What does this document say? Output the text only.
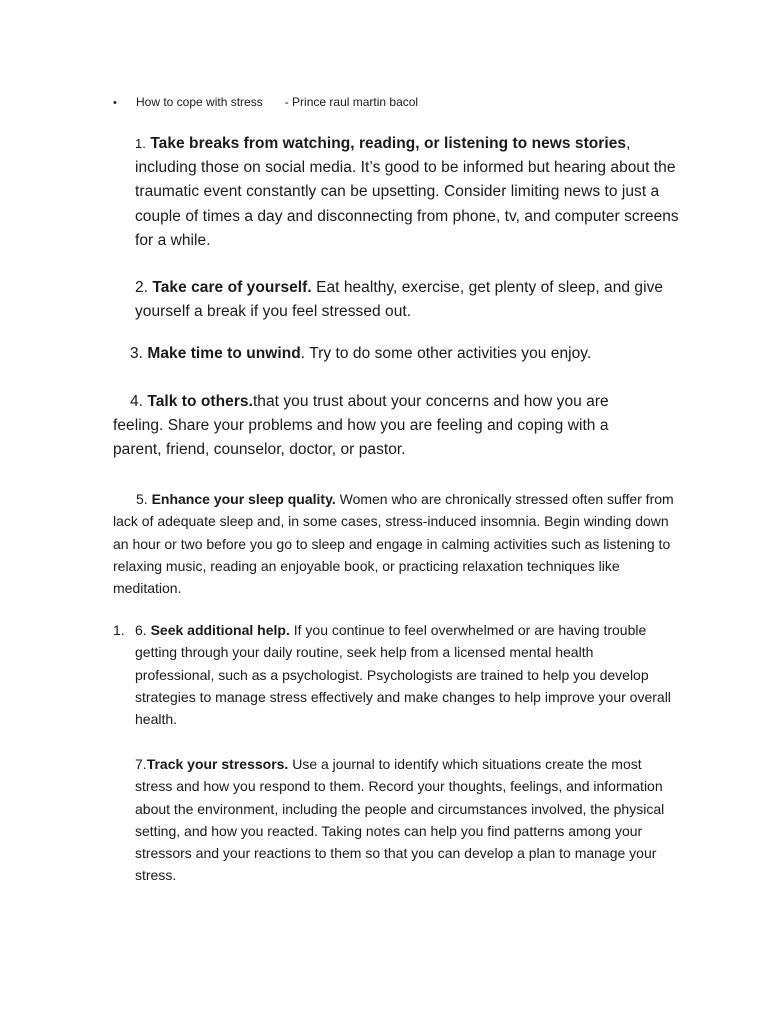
• How to cope with stress - Prince raul martin bacol

1. Take breaks from watching, reading, or listening to news stories, including those on social media. It’s good to be informed but hearing about the traumatic event constantly can be upsetting. Consider limiting news to just a couple of times a day and disconnecting from phone, tv, and computer screens for a while.

2. Take care of yourself. Eat healthy, exercise, get plenty of sleep, and give yourself a break if you feel stressed out.

3. Make time to unwind. Try to do some other activities you enjoy.

4. Talk to others.that you trust about your concerns and how you are feeling. Share your problems and how you are feeling and coping with a parent, friend, counselor, doctor, or pastor.

5. Enhance your sleep quality. Women who are chronically stressed often suffer from lack of adequate sleep and, in some cases, stress-induced insomnia. Begin winding down an hour or two before you go to sleep and engage in calming activities such as listening to relaxing music, reading an enjoyable book, or practicing relaxation techniques like meditation.

1. 6. Seek additional help. If you continue to feel overwhelmed or are having trouble getting through your daily routine, seek help from a licensed mental health professional, such as a psychologist. Psychologists are trained to help you develop strategies to manage stress effectively and make changes to help improve your overall health.

7.Track your stressors. Use a journal to identify which situations create the most stress and how you respond to them. Record your thoughts, feelings, and information about the environment, including the people and circumstances involved, the physical setting, and how you reacted. Taking notes can help you find patterns among your stressors and your reactions to them so that you can develop a plan to manage your stress.
